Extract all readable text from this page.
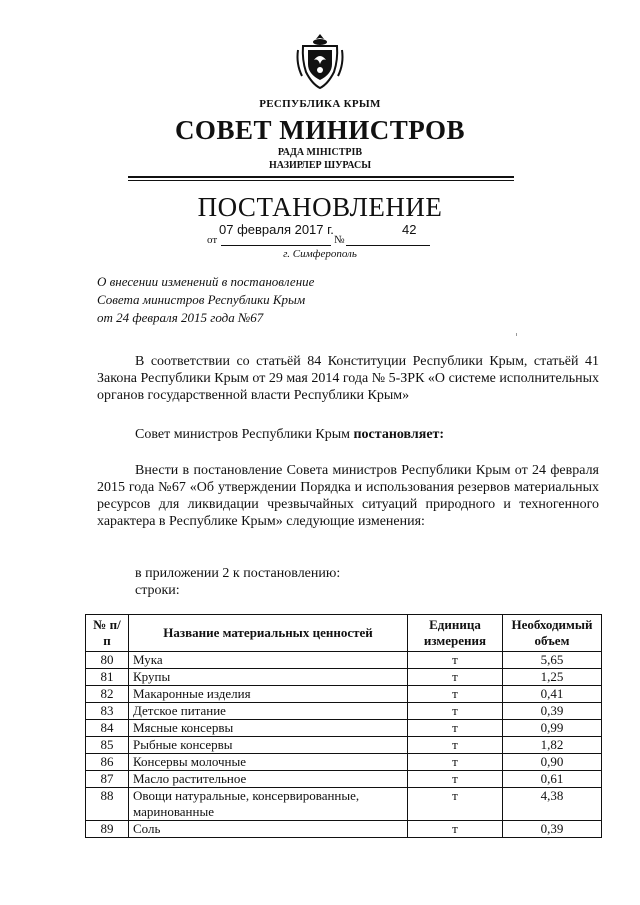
РЕСПУБЛИКА КРЫМ
СОВЕТ МИНИСТРОВ
РАДА МІНІСТРІВ
НАЗИРЛЕР ШУРАСЫ
ПОСТАНОВЛЕНИЕ
07 февраля 2017 г.	42
от	№
г. Симферополь
О внесении изменений в постановление
Совета министров Республики Крым
от 24 февраля 2015 года №67
В соответствии со статьёй 84 Конституции Республики Крым, статьёй 41 Закона Республики Крым от 29 мая 2014 года № 5-ЗРК «О системе исполнительных органов государственной власти Республики Крым»
Совет министров Республики Крым постановляет:
Внести в постановление Совета министров Республики Крым от 24 февраля 2015 года №67 «Об утверждении Порядка и использования резервов материальных ресурсов для ликвидации чрезвычайных ситуаций природного и техногенного характера в Республике Крым» следующие изменения:
в приложении 2 к постановлению:
строки:
№ п/п	Название материальных ценностей	Единица измерения	Необходимый объем
80	Мука	т	5,65
81	Крупы	т	1,25
82	Макаронные изделия	т	0,41
83	Детское питание	т	0,39
84	Мясные консервы	т	0,99
85	Рыбные консервы	т	1,82
86	Консервы молочные	т	0,90
87	Масло растительное	т	0,61
88	Овощи натуральные, консервированные, маринованные	т	4,38
89	Соль	т	0,39
